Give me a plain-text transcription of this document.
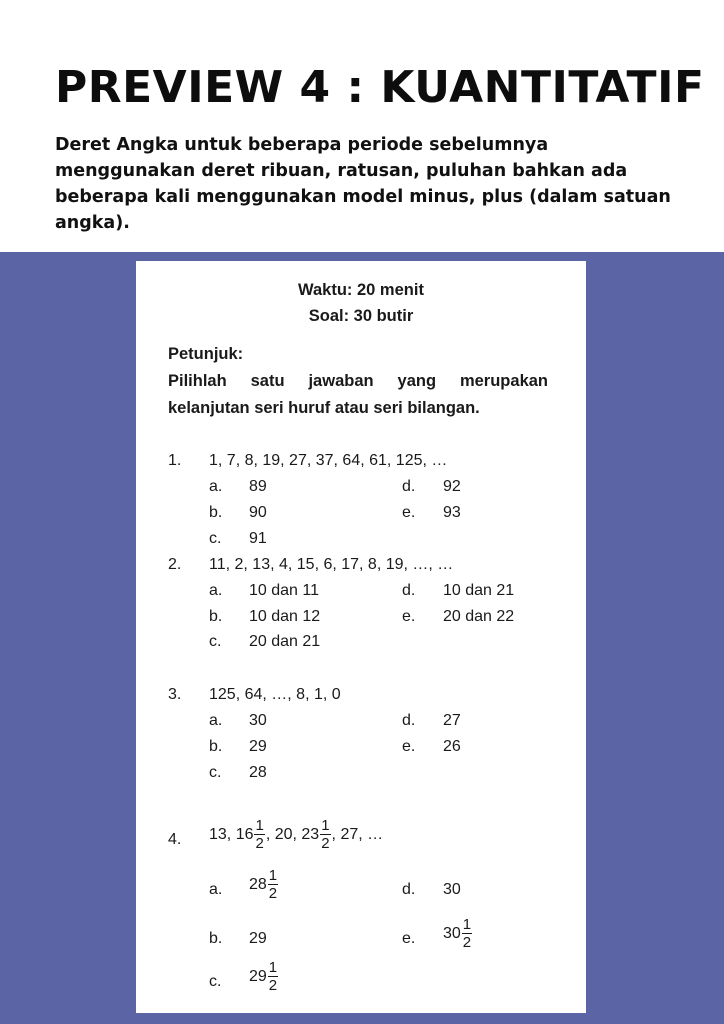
PREVIEW 4 : KUANTITATIF
Deret Angka untuk beberapa periode sebelumnya menggunakan deret ribuan, ratusan, puluhan bahkan ada beberapa kali menggunakan model minus, plus (dalam satuan angka).
Waktu: 20 menit
Soal: 30 butir
Petunjuk:
Pilihlah satu jawaban yang merupakan
kelanjutan seri huruf atau seri bilangan.
1. 1, 7, 8, 19, 27, 37, 64, 61, 125, …
a. 89
b. 90
c. 91
d. 92
e. 93
2. 11, 2, 13, 4, 15, 6, 17, 8, 19, …, …
a. 10 dan 11
b. 10 dan 12
c. 20 dan 21
d. 10 dan 21
e. 20 dan 22
3. 125, 64, …, 8, 1, 0
a. 30
b. 29
c. 28
d. 27
e. 26
4. 13, $16 \frac{1}{2}$ , 20, $23 \frac{1}{2}$ , 27, …
a. $28 \frac{1}{2}$
b. 29
c. $29 \frac{1}{2}$
d. 30
e. $30 \frac{1}{2}$
